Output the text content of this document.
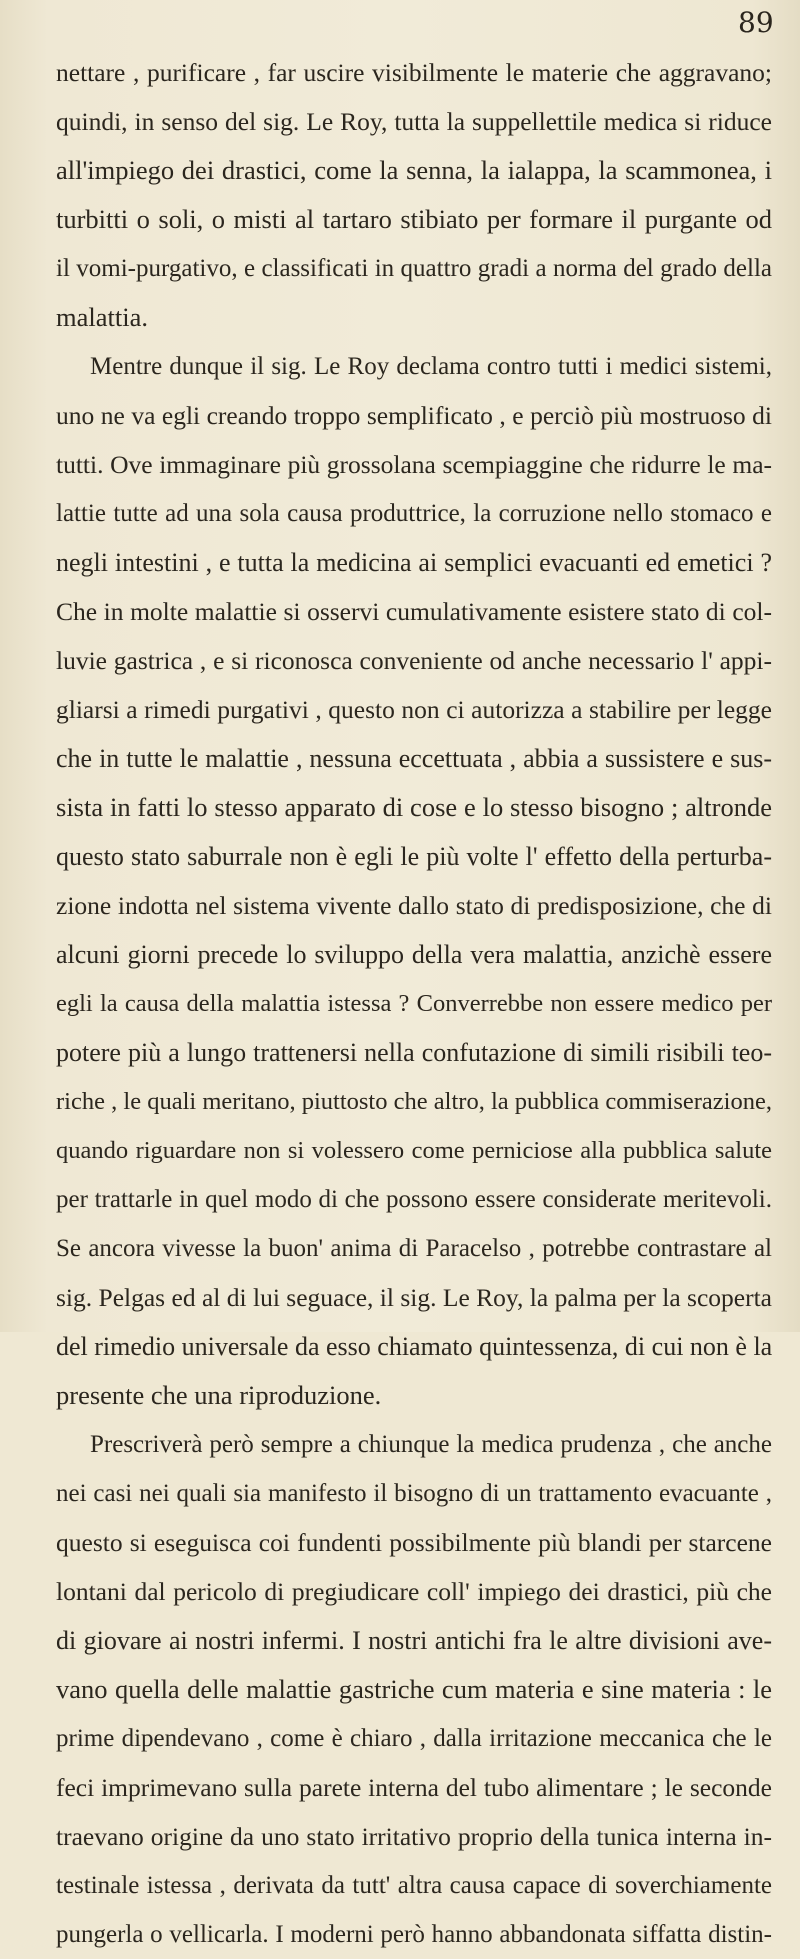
89
nettare , purificare , far uscire visibilmente le materie che aggravano;
quindi, in senso del sig. Le Roy, tutta la suppellettile medica si riduce
all'impiego dei drastici, come la senna, la ialappa, la scammonea, i
turbitti o soli, o misti al tartaro stibiato per formare il purgante od
il vomi-purgativo, e classificati in quattro gradi a norma del grado della
malattia.
Mentre dunque il sig. Le Roy declama contro tutti i medici sistemi,
uno ne va egli creando troppo semplificato , e perciò più mostruoso di
tutti. Ove immaginare più grossolana scempiaggine che ridurre le ma-
lattie tutte ad una sola causa produttrice, la corruzione nello stomaco e
negli intestini , e tutta la medicina ai semplici evacuanti ed emetici ?
Che in molte malattie si osservi cumulativamente esistere stato di col-
luvie gastrica , e si riconosca conveniente od anche necessario l' appi-
gliarsi a rimedi purgativi , questo non ci autorizza a stabilire per legge
che in tutte le malattie , nessuna eccettuata , abbia a sussistere e sus-
sista in fatti lo stesso apparato di cose e lo stesso bisogno ; altronde
questo stato saburrale non è egli le più volte l' effetto della perturba-
zione indotta nel sistema vivente dallo stato di predisposizione, che di
alcuni giorni precede lo sviluppo della vera malattia, anzichè essere
egli la causa della malattia istessa ? Converrebbe non essere medico per
potere più a lungo trattenersi nella confutazione di simili risibili teo-
riche , le quali meritano, piuttosto che altro, la pubblica commiserazione,
quando riguardare non si volessero come perniciose alla pubblica salute
per trattarle in quel modo di che possono essere considerate meritevoli.
Se ancora vivesse la buon' anima di Paracelso , potrebbe contrastare al
sig. Pelgas ed al di lui seguace, il sig. Le Roy, la palma per la scoperta
del rimedio universale da esso chiamato quintessenza, di cui non è la
presente che una riproduzione.
Prescriverà però sempre a chiunque la medica prudenza , che anche
nei casi nei quali sia manifesto il bisogno di un trattamento evacuante ,
questo si eseguisca coi fundenti possibilmente più blandi per starcene
lontani dal pericolo di pregiudicare coll' impiego dei drastici, più che
di giovare ai nostri infermi. I nostri antichi fra le altre divisioni ave-
vano quella delle malattie gastriche cum materia e sine materia : le
prime dipendevano , come è chiaro , dalla irritazione meccanica che le
feci imprimevano sulla parete interna del tubo alimentare ; le seconde
traevano origine da uno stato irritativo proprio della tunica interna in-
testinale istessa , derivata da tutt' altra causa capace di soverchiamente
pungerla o vellicarla. I moderni però hanno abbandonata siffatta distin-
